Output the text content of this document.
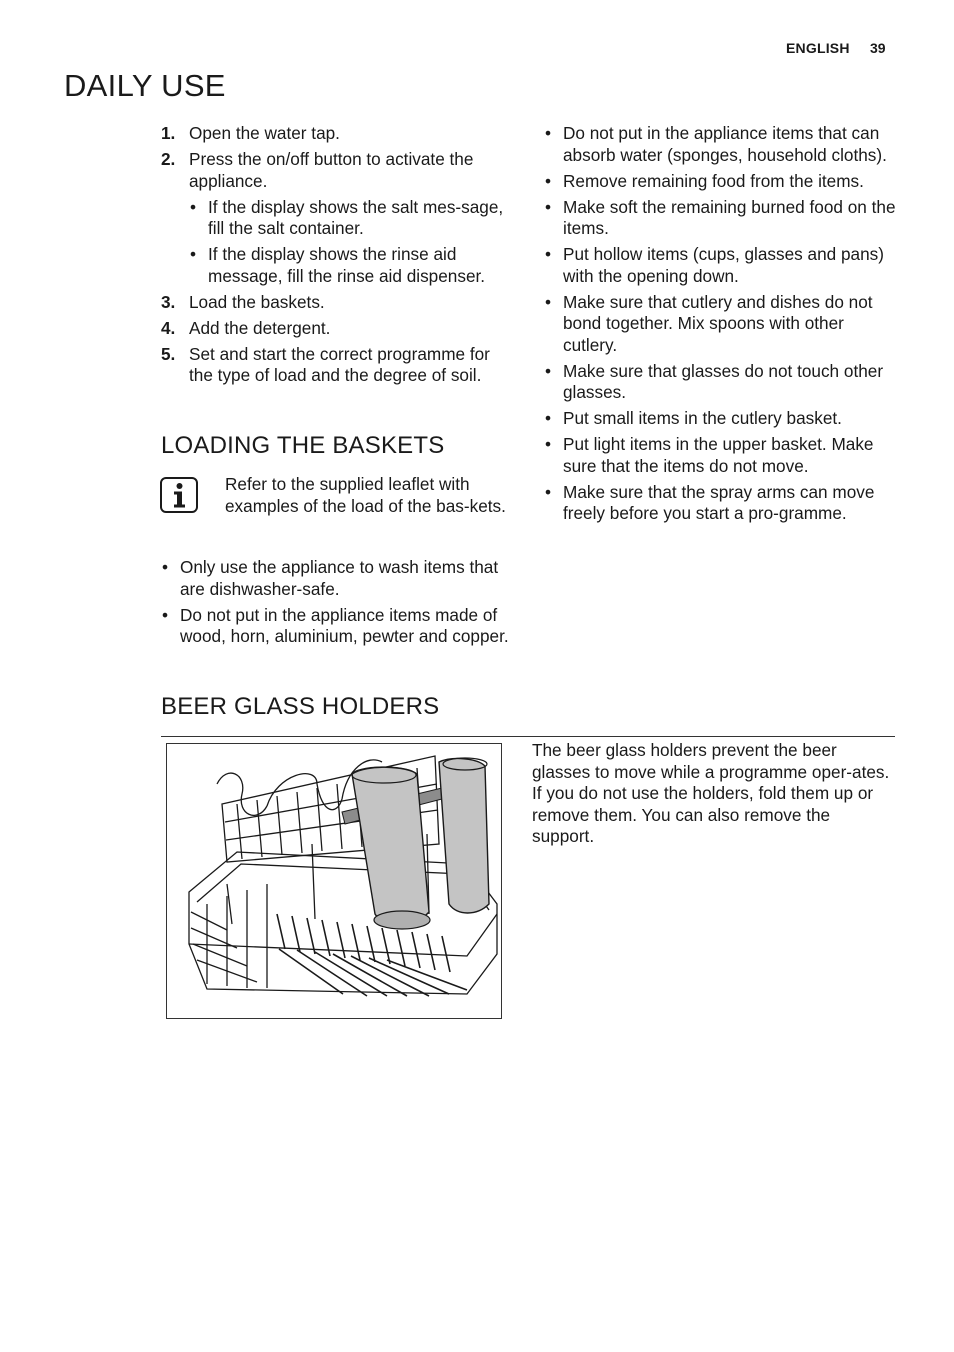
ENGLISH 39
DAILY USE
1. Open the water tap.
2. Press the on/off button to activate the appliance.
• If the display shows the salt mes-sage, fill the salt container.
• If the display shows the rinse aid message, fill the rinse aid dispenser.
3. Load the baskets.
4. Add the detergent.
5. Set and start the correct programme for the type of load and the degree of soil.
LOADING THE BASKETS
Refer to the supplied leaflet with examples of the load of the bas-kets.
• Only use the appliance to wash items that are dishwasher-safe.
• Do not put in the appliance items made of wood, horn, aluminium, pewter and copper.
• Do not put in the appliance items that can absorb water (sponges, household cloths).
• Remove remaining food from the items.
• Make soft the remaining burned food on the items.
• Put hollow items (cups, glasses and pans) with the opening down.
• Make sure that cutlery and dishes do not bond together. Mix spoons with other cutlery.
• Make sure that glasses do not touch other glasses.
• Put small items in the cutlery basket.
• Put light items in the upper basket. Make sure that the items do not move.
• Make sure that the spray arms can move freely before you start a pro-gramme.
BEER GLASS HOLDERS
The beer glass holders prevent the beer glasses to move while a programme oper-ates.
If you do not use the holders, fold them up or remove them. You can also remove the support.
